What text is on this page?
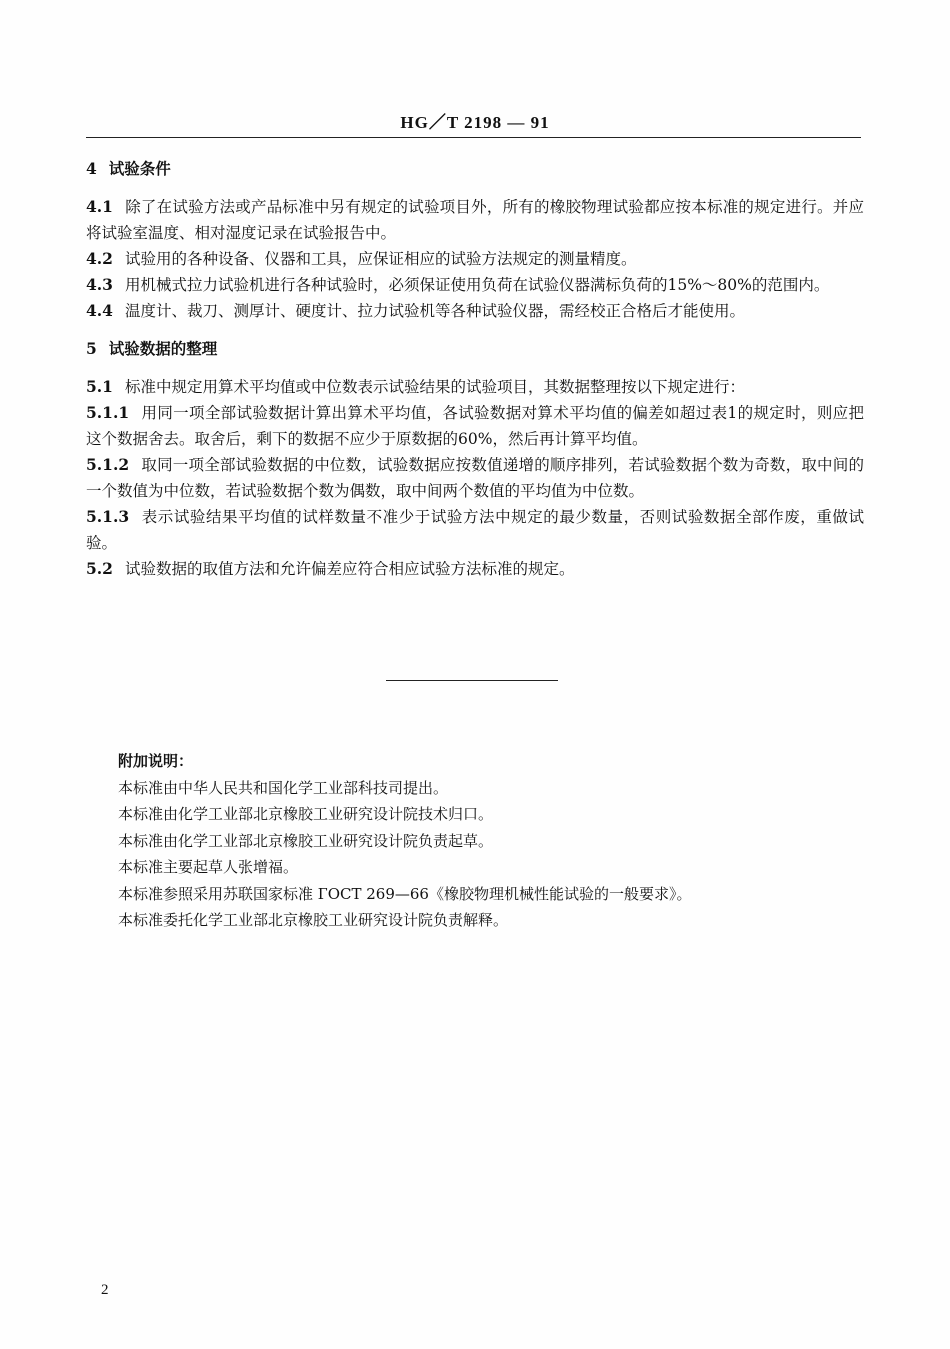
HG／T 2198 — 91

4 试验条件

4.1 除了在试验方法或产品标准中另有规定的试验项目外，所有的橡胶物理试验都应按本标准的规定进行。并应将试验室温度、相对湿度记录在试验报告中。

4.2 试验用的各种设备、仪器和工具，应保证相应的试验方法规定的测量精度。

4.3 用机械式拉力试验机进行各种试验时，必须保证使用负荷在试验仪器满标负荷的15%～80%的范围内。

4.4 温度计、裁刀、测厚计、硬度计、拉力试验机等各种试验仪器，需经校正合格后才能使用。

5 试验数据的整理

5.1 标准中规定用算术平均值或中位数表示试验结果的试验项目，其数据整理按以下规定进行：

5.1.1 用同一项全部试验数据计算出算术平均值，各试验数据对算术平均值的偏差如超过表1的规定时，则应把这个数据舍去。取舍后，剩下的数据不应少于原数据的60%，然后再计算平均值。

5.1.2 取同一项全部试验数据的中位数，试验数据应按数值递增的顺序排列，若试验数据个数为奇数，取中间的一个数值为中位数，若试验数据个数为偶数，取中间两个数值的平均值为中位数。

5.1.3 表示试验结果平均值的试样数量不准少于试验方法中规定的最少数量，否则试验数据全部作废，重做试验。

5.2 试验数据的取值方法和允许偏差应符合相应试验方法标准的规定。

附加说明：

本标准由中华人民共和国化学工业部科技司提出。

本标准由化学工业部北京橡胶工业研究设计院技术归口。

本标准由化学工业部北京橡胶工业研究设计院负责起草。

本标准主要起草人张增福。

本标准参照采用苏联国家标准 ГОСТ 269—66《橡胶物理机械性能试验的一般要求》。

本标准委托化学工业部北京橡胶工业研究设计院负责解释。

2
